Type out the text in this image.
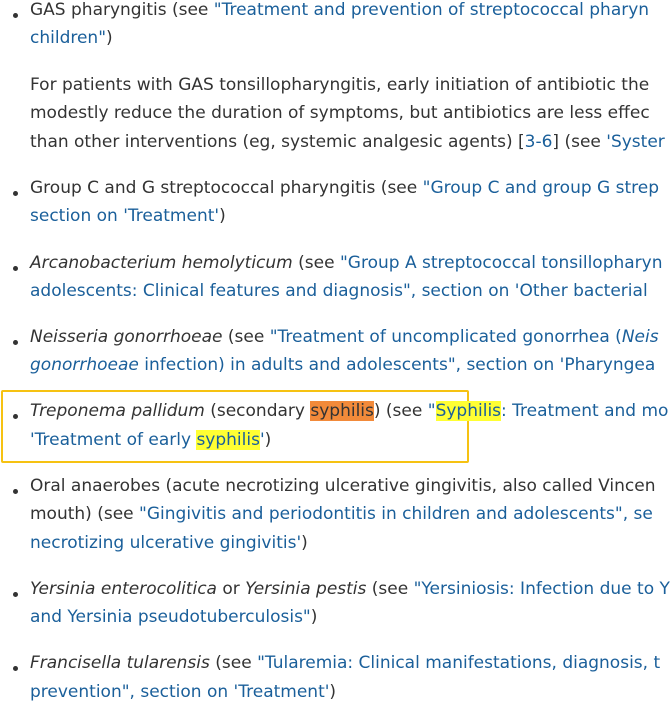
GAS pharyngitis (see "Treatment and prevention of streptococcal pharyn
children")
For patients with GAS tonsillopharyngitis, early initiation of antibiotic the
modestly reduce the duration of symptoms, but antibiotics are less effec
than other interventions (eg, systemic analgesic agents) [3-6] (see 'Syster
Group C and G streptococcal pharyngitis (see "Group C and group G strep
section on 'Treatment')
Arcanobacterium hemolyticum (see "Group A streptococcal tonsillopharyn
adolescents: Clinical features and diagnosis", section on 'Other bacterial
Neisseria gonorrhoeae (see "Treatment of uncomplicated gonorrhea (Neis
gonorrhoeae infection) in adults and adolescents", section on 'Pharyngea
Treponema pallidum (secondary syphilis) (see "Syphilis: Treatment and mo
'Treatment of early syphilis')
Oral anaerobes (acute necrotizing ulcerative gingivitis, also called Vincen
mouth) (see "Gingivitis and periodontitis in children and adolescents", se
necrotizing ulcerative gingivitis')
Yersinia enterocolitica or Yersinia pestis (see "Yersiniosis: Infection due to Y
and Yersinia pseudotuberculosis")
Francisella tularensis (see "Tularemia: Clinical manifestations, diagnosis, t
prevention", section on 'Treatment')
